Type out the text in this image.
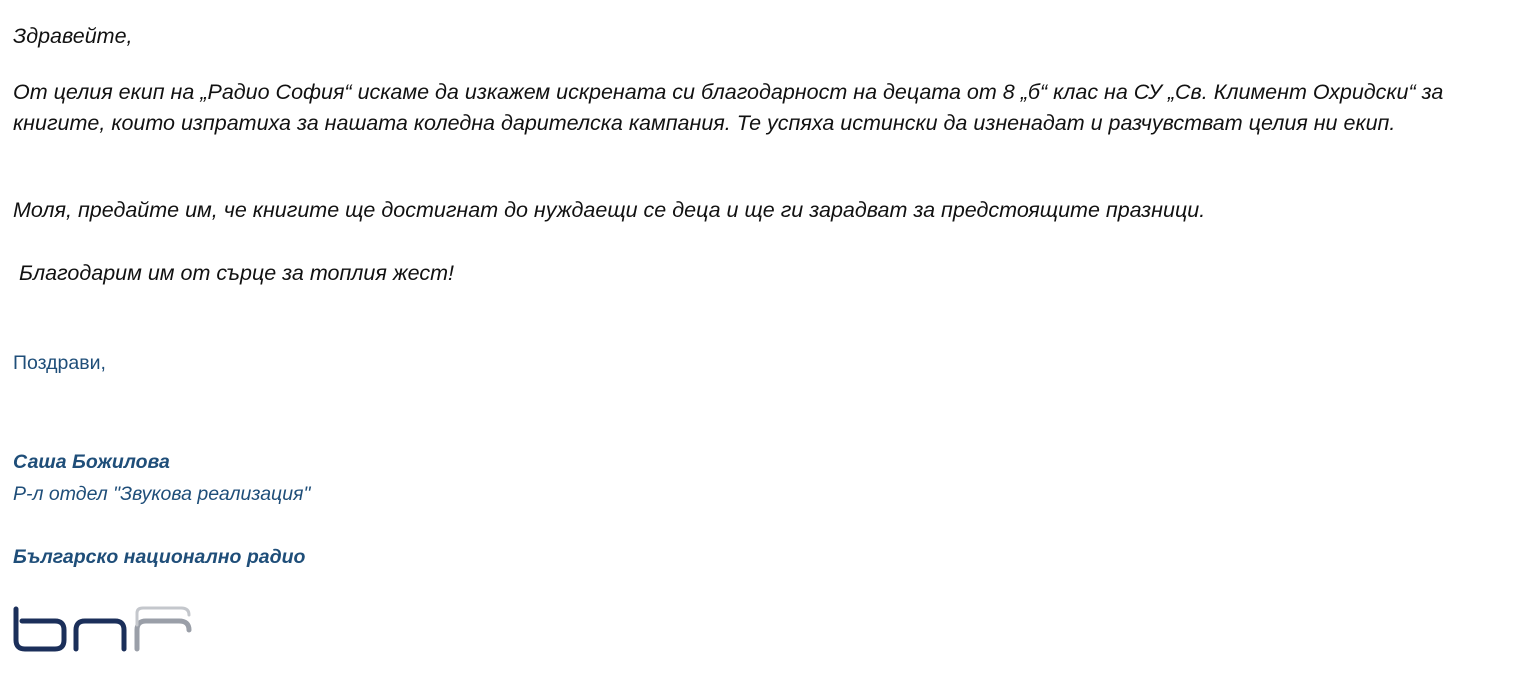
Здравейте,

От целия екип на „Радио София“ искаме да изкажем искрената си благодарност на децата от 8 „б“ клас на СУ „Св. Климент Охридски“ за книгите, които изпратиха за нашата коледна дарителска кампания. Те успяха истински да изненадат и разчувстват целия ни екип.

Моля, предайте им, че книгите ще достигнат до нуждаещи се деца и ще ги зарадват за предстоящите празници.

Благодарим им от сърце за топлия жест!

Поздрави,

Саша Божилова

Р-л отдел "Звукова реализация"

Българско национално радио
